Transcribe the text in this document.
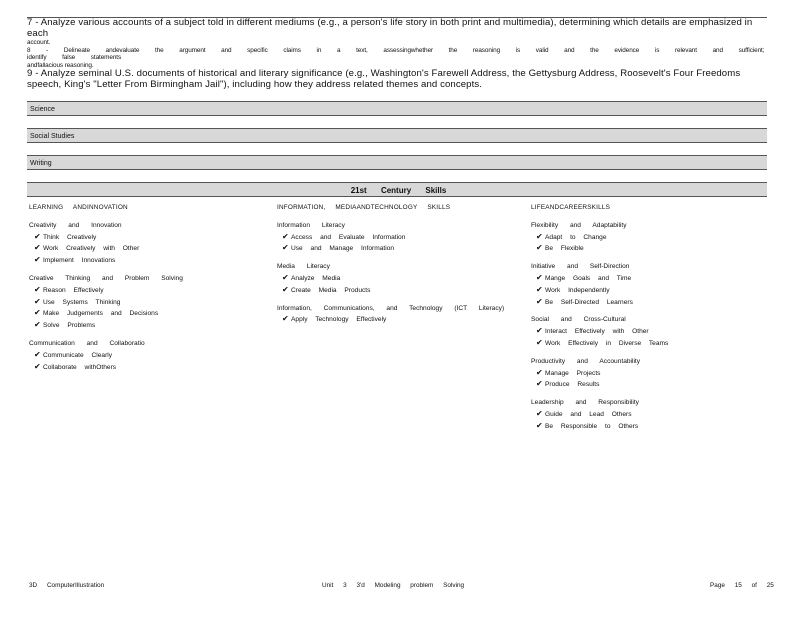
7 - Analyze various accounts of a subject told in different mediums (e.g., a person's life story in both print and multimedia), determining which details are emphasized in each
account.
8 - Delineate andevaluate the argument and specific claims in a text, assessingwhether the reasoning is valid and the evidence is relevant and sufficient; identify false statements
andfallacious reasoning.
9 - Analyze seminal U.S. documents of historical and literary significance (e.g., Washington's Farewell Address, the Gettysburg Address, Roosevelt's Four Freedoms speech, King's "Letter From Birmingham Jail"), including how they address related themes and concepts.
Science
Social Studies
Writing
21st Century Skills
LEARNING ANDINNOVATION
Creativity and Innovation
✔ Think Creatively
✔ Work Creatively with Other
✔ Implement Innovations
Creative Thinking and Problem Solving
✔ Reason Effectively
✔ Use Systems Thinking
✔ Make Judgements and Decisions
✔ Solve Problems
Communication and Collaboratio
✔ Communicate Clearly
✔ Collaborate withOthers
INFORMATION, MEDIAANDTECHNOLOGY SKILLS
Information Literacy
✔ Access and Evaluate Information
✔ Use and Manage Information
Media Literacy
✔ Analyze Media
✔ Create Media Products
Information, Communications, and Technology (ICT Literacy)
✔ Apply Technology Effectively
LIFEANDCAREERSKILLS
Flexibility and Adaptability
✔ Adapt to Change
✔ Be Flexible
Initiative and Self-Direction
✔ Mange Goals and Time
✔ Work Independently
✔ Be Self-Directed Learners
Social and Cross-Cultural
✔ Interact Effectively with Other
✔ Work Effectively in Diverse Teams
Productivity and Accountability
✔ Manage Projects
✔ Produce Results
Leadership and Responsibility
✔ Guide and Lead Others
✔ Be Responsible to Others
3D ComputerIllustration	Unit 3 3'd Modeling problem Solving	Page 15 of 25
